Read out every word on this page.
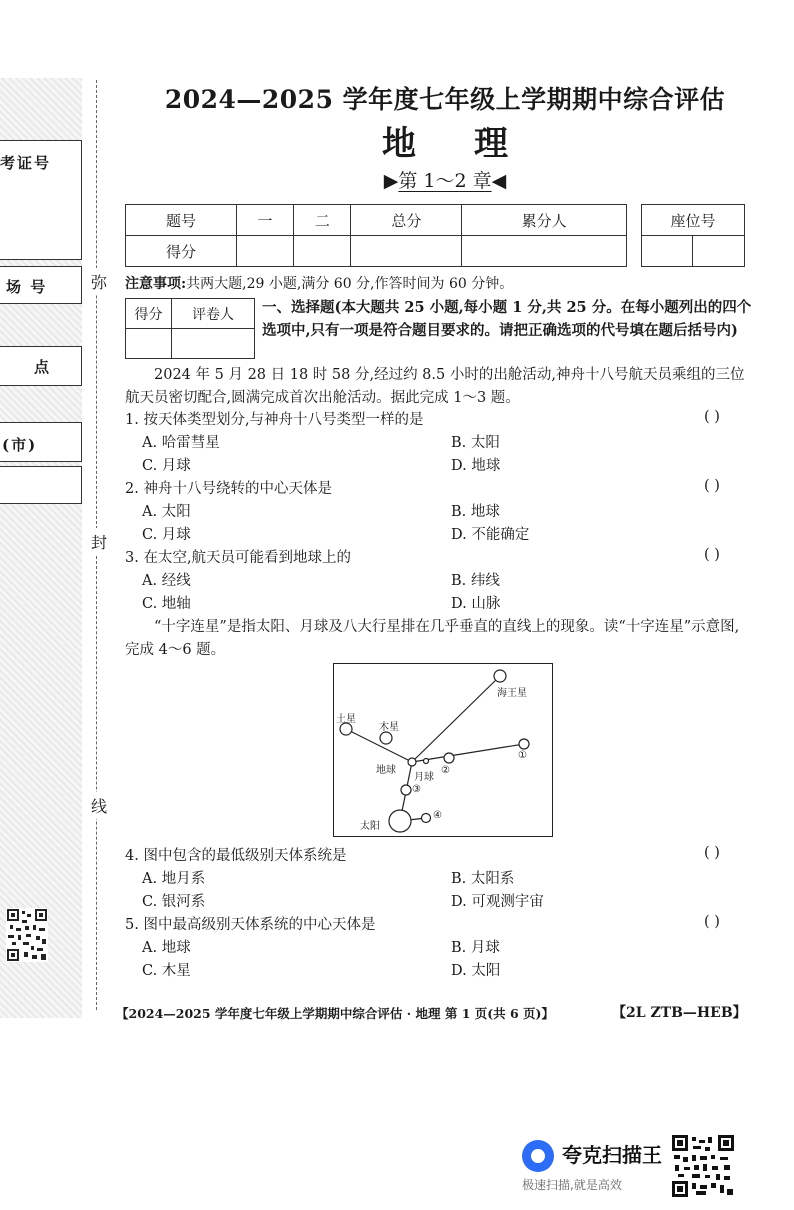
考证号
场 号
点
(市)
弥
封
线
2024—2025 学年度七年级上学期期中综合评估
地理
▶第 1～2 章◀
题号	一	二	总分	累分人
得分				
座位号

注意事项:共两大题,29 小题,满分 60 分,作答时间为 60 分钟。
得分	评卷人
	一、选择题(本大题共 25 小题,每小题 1 分,共 25 分。在每小题列出的四个选项中,只有一项是符合题目要求的。请把正确选项的代号填在题后括号内)
2024 年 5 月 28 日 18 时 58 分,经过约 8.5 小时的出舱活动,神舟十八号航天员乘组的三位航天员密切配合,圆满完成首次出舱活动。据此完成 1～3 题。
1. 按天体类型划分,与神舟十八号类型一样的是	( )
A. 哈雷彗星	B. 太阳
C. 月球	D. 地球
2. 神舟十八号绕转的中心天体是	( )
A. 太阳	B. 地球
C. 月球	D. 不能确定
3. 在太空,航天员可能看到地球上的	( )
A. 经线	B. 纬线
C. 地轴	D. 山脉
“十字连星”是指太阳、月球及八大行星排在几乎垂直的直线上的现象。读“十字连星”示意图,完成 4～6 题。
海王星
土星
木星
地球
月球
太阳
①
②
③
④
4. 图中包含的最低级别天体系统是	( )
A. 地月系	B. 太阳系
C. 银河系	D. 可观测宇宙
5. 图中最高级别天体系统的中心天体是	( )
A. 地球	B. 月球
C. 木星	D. 太阳
【2024—2025 学年度七年级上学期期中综合评估 · 地理 第 1 页(共 6 页)】	【2L ZTB—HEB】
夸克扫描王
极速扫描,就是高效
